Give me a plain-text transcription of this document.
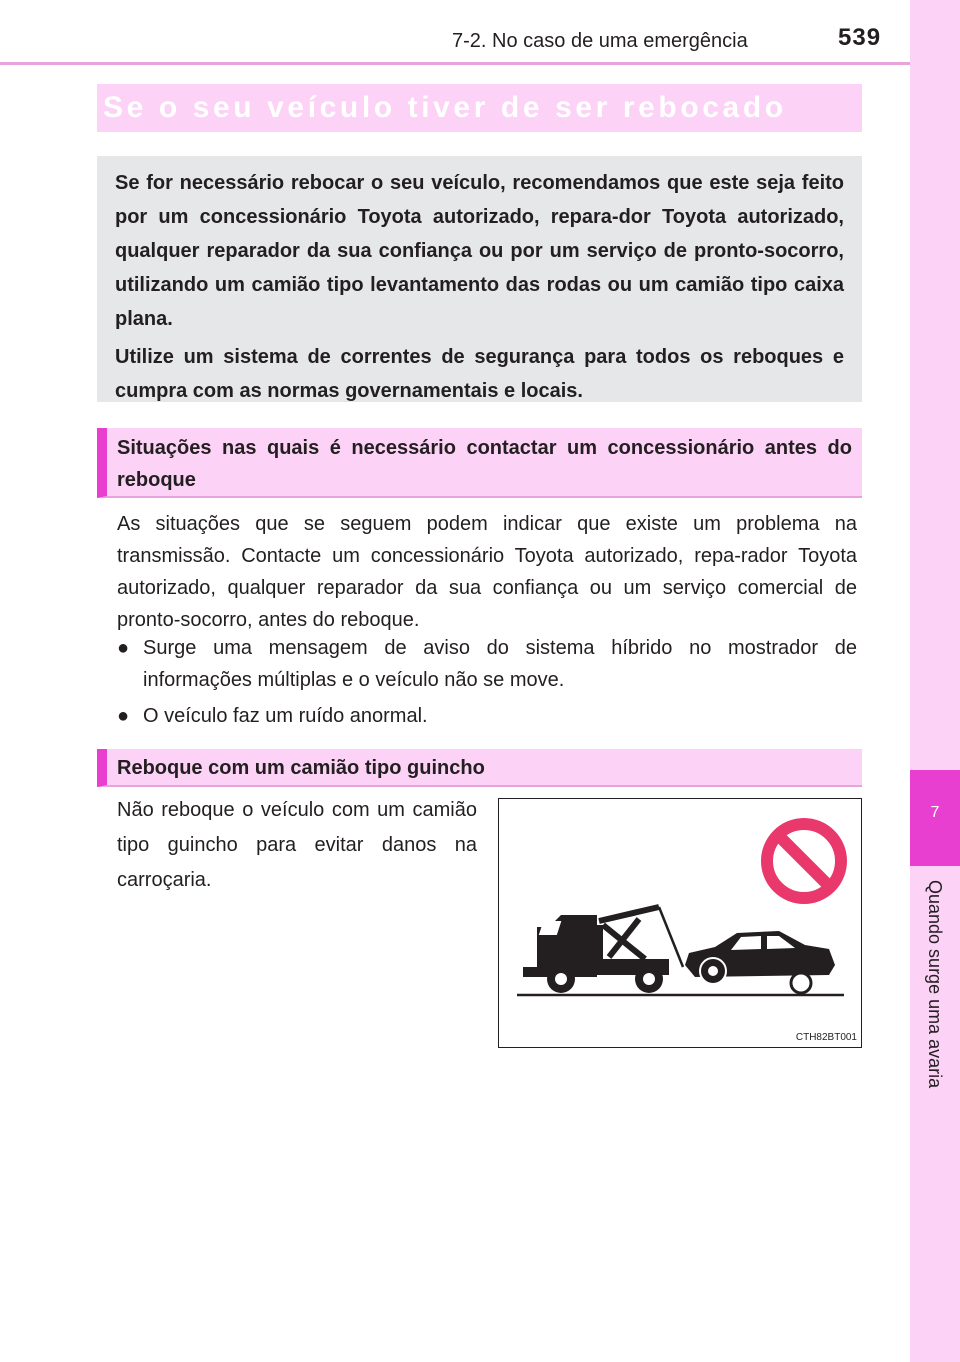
7-2. No caso de uma emergência	539
7
Quando surge uma avaria
Se o seu veículo tiver de ser rebocado

Se for necessário rebocar o seu veículo, recomendamos que este seja feito por um concessionário Toyota autorizado, repara-dor Toyota autorizado, qualquer reparador da sua confiança ou por um serviço de pronto-socorro, utilizando um camião tipo levantamento das rodas ou um camião tipo caixa plana.

Utilize um sistema de correntes de segurança para todos os reboques e cumpra com as normas governamentais e locais.

Situações nas quais é necessário contactar um concessionário antes do reboque
As situações que se seguem podem indicar que existe um problema na transmissão. Contacte um concessionário Toyota autorizado, repa-rador Toyota autorizado, qualquer reparador da sua confiança ou um serviço comercial de pronto-socorro, antes do reboque.
● Surge uma mensagem de aviso do sistema híbrido no mostrador de informações múltiplas e o veículo não se move.
● O veículo faz um ruído anormal.
Reboque com um camião tipo guincho
Não reboque o veículo com um camião tipo guincho para evitar danos na carroçaria.
CTH82BT001
